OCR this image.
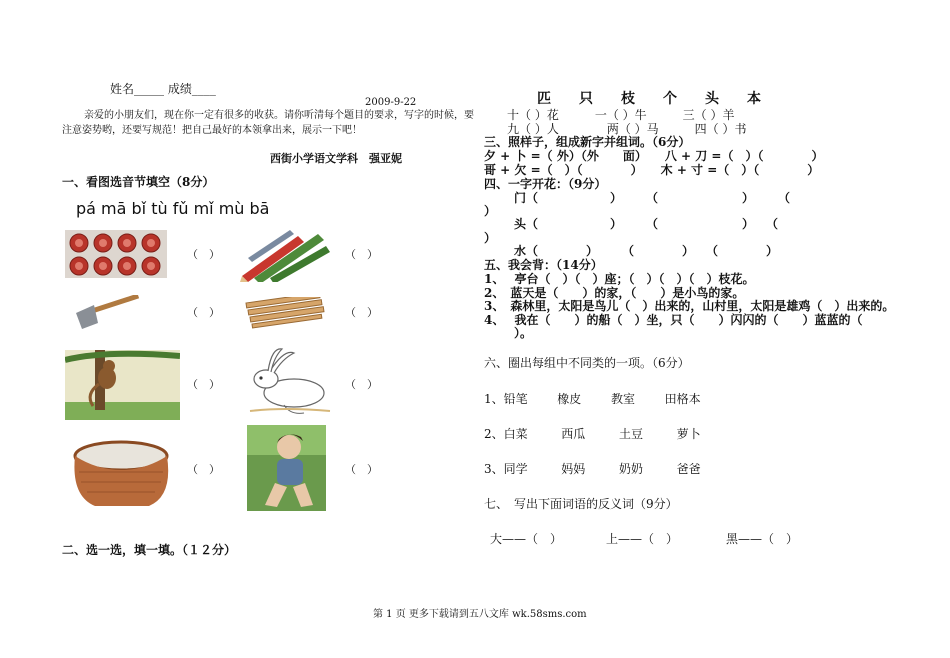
姓名_____ 成绩____
2009-9-22
亲爱的小朋友们，现在你一定有很多的收获。请你听清每个题目的要求，写字的时候，要注意姿势哟，还要写规范！把自己最好的本领拿出来，展示一下吧！
西街小学语文学科　强亚妮
一、看图选音节填空（8分）
pá mā bǐ tù fǔ mǐ mù bā
（　）	（　）
（　）	（　）
（　）	（　）
（　）	（　）
二、选一选，填一填。（１２分）
匹　　只　　枝　　个　　头　　本
十（ ）花　　　一（ ）牛　　　三（ ）羊
九（ ）人　　　　两（ ）马　　　四（ ）书
三、照样子，组成新字并组词。（6分）
夕 + 卜 =（ 外）（外　　面）　　八 + 刀 =（　）（　　　　）
哥 + 欠 =（　）（　　　　）　　木 + 寸 =（　）（　　　　）
四、一字开花：（9分）
门（　　　　　　）　　　（　　　　　　　）　　　（
）
头（　　　　　　）　　　（　　　　　　　）　　（
）
水（　　　　）　　　（　　　　）　　（　　　　）
五、我会背：（14分）
1、　 亭台（　）（　）座；（　）（　）（　）枝花。
2、　蓝天是（　　）的家，（　　）是小鸟的家。
3、　森林里，太阳是鸟儿（　）出来的，山村里，太阳是雄鸡（　）出来的。
4、　 我在（　　）的船（　）坐，只（　　）闪闪的（　　）蓝蓝的（　
）。
六、圈出每组中不同类的一项。（6分）
1、铅笔 橡皮 教室 田格本
2、白菜	西瓜	土豆	萝卜
3、同学	妈妈	奶奶	爸爸
七、　写出下面词语的反义词（9分）
大——（　）	上——（　）	黑——（　）
第 1 页 更多下载请到五八文库 wk.58sms.com
